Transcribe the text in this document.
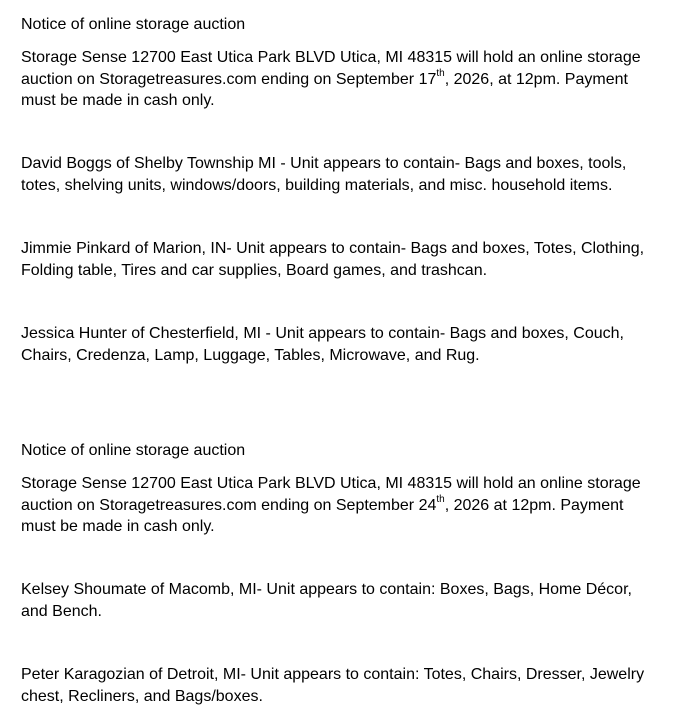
Notice of online storage auction

Storage Sense 12700 East Utica Park BLVD Utica, MI 48315 will hold an online storage auction on Storagetreasures.com ending on September 17th, 2026, at 12pm. Payment must be made in cash only.

David Boggs of Shelby Township MI - Unit appears to contain- Bags and boxes, tools, totes, shelving units, windows/doors, building materials, and misc. household items.

Jimmie Pinkard of Marion, IN- Unit appears to contain- Bags and boxes, Totes, Clothing, Folding table, Tires and car supplies, Board games, and trashcan.

Jessica Hunter of Chesterfield, MI - Unit appears to contain- Bags and boxes, Couch, Chairs, Credenza, Lamp, Luggage, Tables, Microwave, and Rug.

Notice of online storage auction

Storage Sense 12700 East Utica Park BLVD Utica, MI 48315 will hold an online storage auction on Storagetreasures.com ending on September 24th, 2026 at 12pm. Payment must be made in cash only.

Kelsey Shoumate of Macomb, MI- Unit appears to contain: Boxes, Bags, Home Décor, and Bench.

Peter Karagozian of Detroit, MI- Unit appears to contain: Totes, Chairs, Dresser, Jewelry chest, Recliners, and Bags/boxes.
